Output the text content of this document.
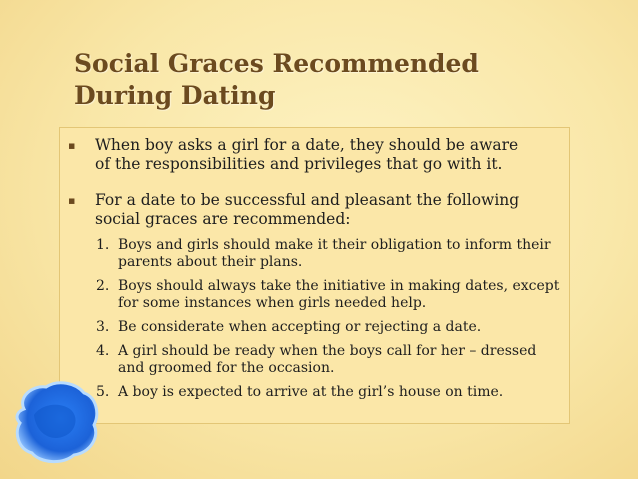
Social Graces Recommended
During Dating
▪ When boy asks a girl for a date, they should be aware of the responsibilities and privileges that go with it.
▪ For a date to be successful and pleasant the following social graces are recommended:
1. Boys and girls should make it their obligation to inform their parents about their plans.
2. Boys should always take the initiative in making dates, except for some instances when girls needed help.
3. Be considerate when accepting or rejecting a date.
4. A girl should be ready when the boys call for her – dressed and groomed for the occasion.
5. A boy is expected to arrive at the girl’s house on time.
